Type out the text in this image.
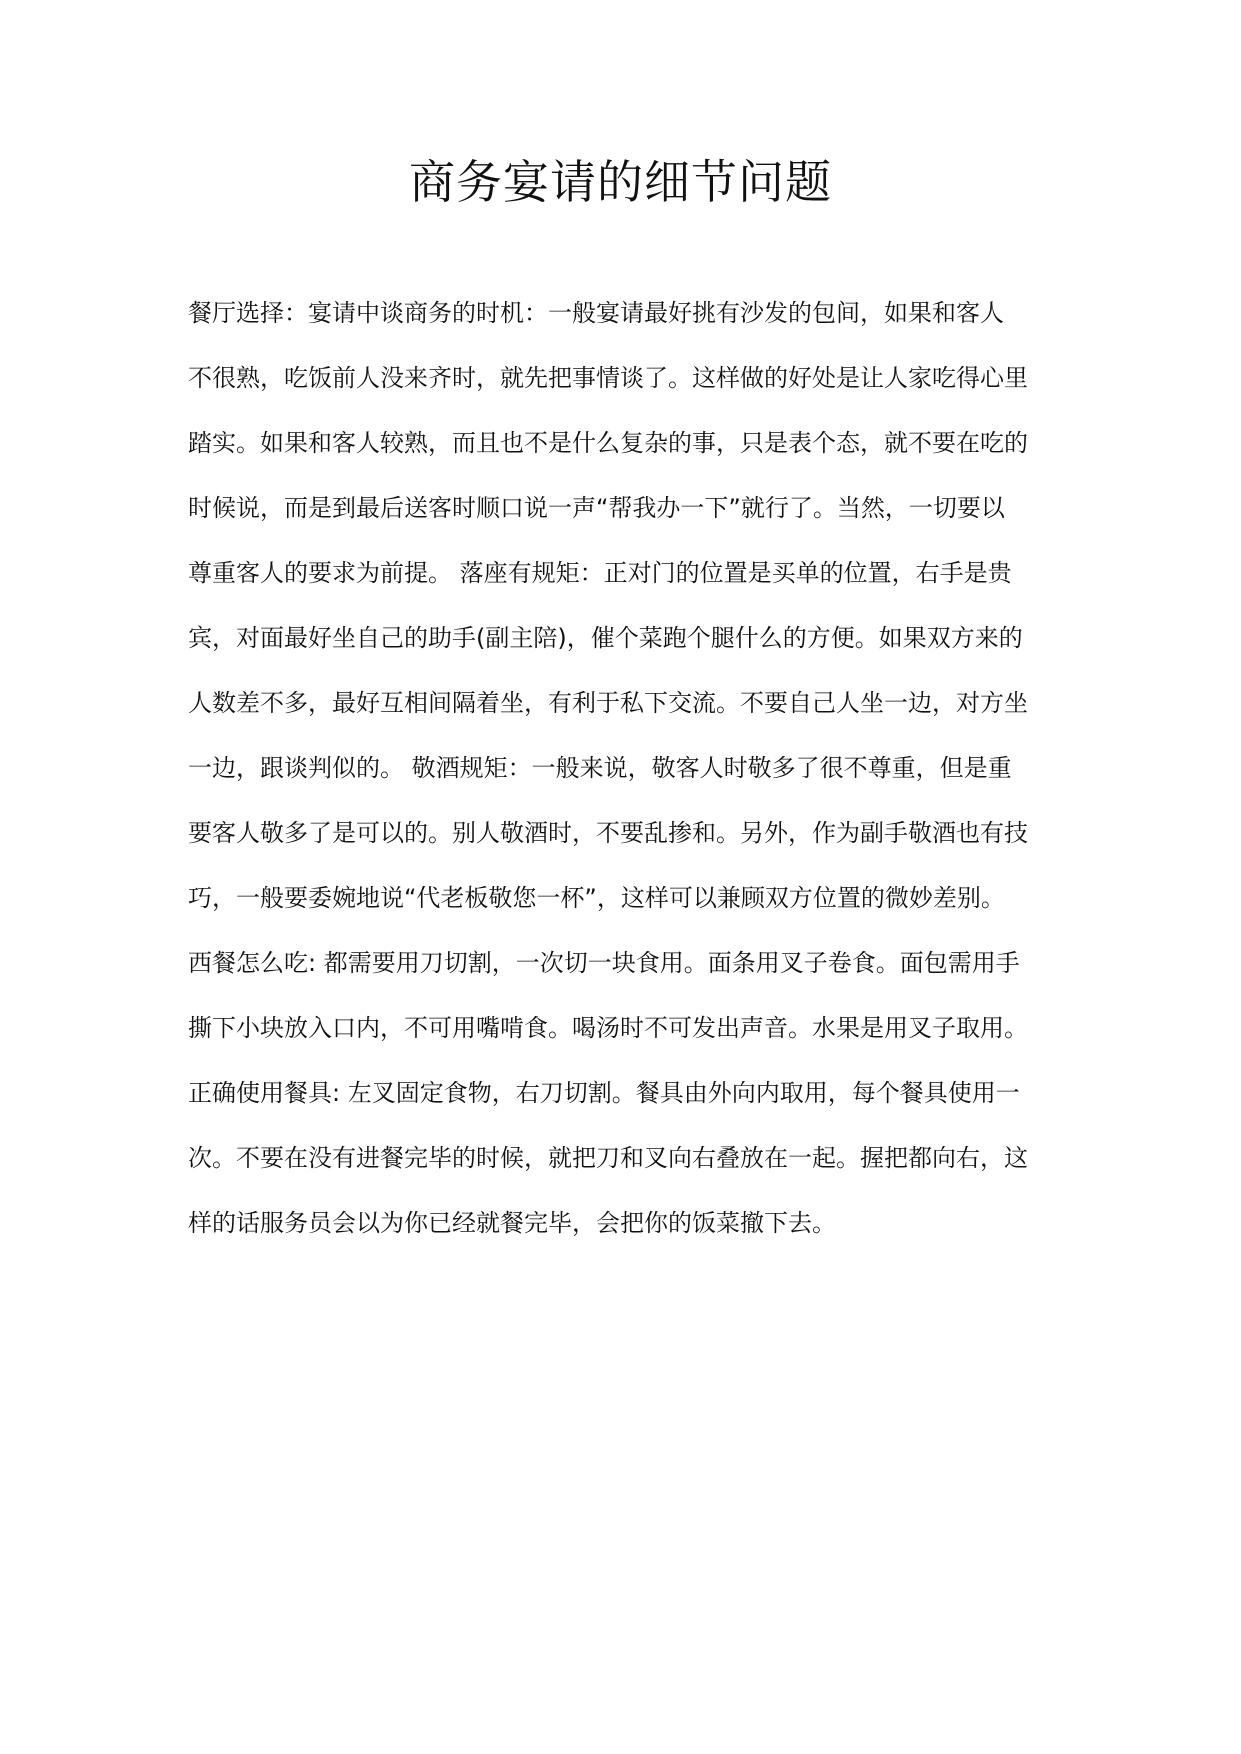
商务宴请的细节问题
餐厅选择：宴请中谈商务的时机：一般宴请最好挑有沙发的包间，如果和客人
不很熟，吃饭前人没来齐时，就先把事情谈了。这样做的好处是让人家吃得心里
踏实。如果和客人较熟，而且也不是什么复杂的事，只是表个态，就不要在吃的
时候说，而是到最后送客时顺口说一声“帮我办一下”就行了。当然，一切要以
尊重客人的要求为前提。 落座有规矩：正对门的位置是买单的位置，右手是贵
宾，对面最好坐自己的助手(副主陪)，催个菜跑个腿什么的方便。如果双方来的
人数差不多，最好互相间隔着坐，有利于私下交流。不要自己人坐一边，对方坐
一边，跟谈判似的。 敬酒规矩：一般来说，敬客人时敬多了很不尊重，但是重
要客人敬多了是可以的。别人敬酒时，不要乱掺和。另外，作为副手敬酒也有技
巧，一般要委婉地说“代老板敬您一杯”，这样可以兼顾双方位置的微妙差别。
西餐怎么吃: 都需要用刀切割，一次切一块食用。面条用叉子卷食。面包需用手
撕下小块放入口内，不可用嘴啃食。喝汤时不可发出声音。水果是用叉子取用。
正确使用餐具: 左叉固定食物，右刀切割。餐具由外向内取用，每个餐具使用一
次。不要在没有进餐完毕的时候，就把刀和叉向右叠放在一起。握把都向右，这
样的话服务员会以为你已经就餐完毕，会把你的饭菜撤下去。
